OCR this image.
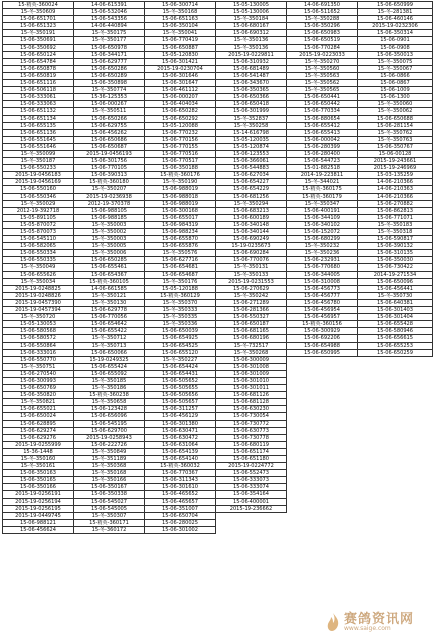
15-精英-360024	14-06-615391	15-06-300714	15-05-130005	14-06-691350	15-06-650999
15-冬-350609	15-06-532046	15-冬-350168	15-05-130006	15-06-511652	15-冬-281381
15-06-651701	15-06-543356	15-06-651163	15-冬-350184	15-冬-350288	15-06-460146
15-06-651323	14-06-440894	15-06-350104	15-06-680167	15-06-350296	2015-19-0232306
15-冬-350191	15-冬-350175	15-冬-350041	15-06-690312	15-06-650983	15-06-350314
15-06-350691	15-冬-350177	15-06-770419	15-冬-350136	15-06-650519	15-06-0901
15-06-350692	15-06-650978	15-06-650887	15-冬-350136	15-06-770284	15-06-0908
15-06-650124	15-06-344171	15-05-120830	2015-19-0229811	2015-19-0223033	15-06-350013
15-06-654784	15-06-629777	15-06-301421	15-06-310932	15-冬-350270	15-冬-350075
15-06-650878	15-06-650286	2015-19-0230704	15-06-681489	15-冬-350560	15-冬-350067
15-06-650819	15-06-650289	15-06-301646	15-06-541487	15-冬-350563	15-06-0866
15-06-651116	15-06-350898	15-06-301647	15-06-343670	15-冬-350562	15-06-0867
15-06-506118	15-冬-350774	15-06-461112	15-06-350365	15-冬-350565	15-06-1009
15-06-333061	15-36-125353	15-06-000207	15-06-650366	15-06-650441	15-06-1300
15-06-333063	15-06-000267	15-06-404034	15-06-650418	15-06-650442	15-冬-350060
15-06-651132	15-冬-350511	15-06-650282	15-06-301999	15-06-770334	15-冬-350062
15-06-651134	15-06-650266	15-06-650292	15-冬-352837	15-06-880654	15-06-650688
15-06-655135	15-06-629755	15-05-120088	15-冬-350258	15-06-655412	15-06-281154
15-06-651136	15-06-456262	15-06-770232	15-14-616798	15-06-655413	15-冬-350762
15-06-551645	15-06-650686	15-06-770156	15-05-120035	15-06-000042	15-冬-350763
15-06-551646	15-06-650687	15-06-770155	15-05-120874	15-06-280399	15-06-350767
15-冬-350099	2015-19-0456193	15-06-770516	15-06-123553	15-06-280400	15-06-00128
15-冬-350187	15-06-301756	15-06-770517	15-06-366061	15-06-544723	2015-19-243661
15-06-550233	15-06-770105	15-06-350188	15-06-544883	15-01-882518	2015-19-246969
2015-19-0456183	15-06-390313	15-精英-360176	15-06-627034	2014-19-223811	15-03-135259
2015-19-0456169	15-精英-360180	15-冬-350190	15-06-654227	15-冬-344021	14-06-210366
15-06-550160	15-冬-350207	15-06-988019	15-06-654229	15-精英-360175	14-06-210363
15-06-550346	2015-19-0236938	15-06-988018	15-06-681256	15-精英-360179	14-06-210366
15-冬-350029	2012-19-370378	15-06-988019	15-冬-350294	15-冬-350347	15-06-270882
2012-19-392718	15-06-988105	15-06-300168	15-06-683213	15-06-400191	15-06-862813
15-05-891105	15-06-988185	15-06-655017	13-06-600189	15-06-344109	15-06-771071
15-05-870072	15-冬-350003	15-06-984319	15-06-340148	15-06-340102	15-冬-350183
15-05-870073	15-冬-350002	15-06-988234	15-06-340144	15-06-152072	15-冬-350318
15-06-545110	15-冬-350003	15-06-655870	15-06-690249	15-06-680299	15-06-590817
15-06-582065	15-冬-350005	15-06-655876	15-19-0235673	15-冬-350232	15-06-390132
15-06-550334	15-冬-350006	15-冬-350576	15-06-690284	15-冬-350236	15-06-310135
15-06-550335	15-06-650285	15-06-627716	15-06-770076	15-06-232931	15-06-350030
15-冬-350049	15-06-655461	15-06-654681	15-冬-350131	15-06-770680	15-06-730422
15-06-655626	15-06-654367	15-06-654687	15-冬-350133	15-06-344005	2014-19-271534
15-冬-350034	15-精英-360105	15-冬-350176	2015-19-0231553	15-06-310008	15-06-650096
2015-19-0248825	14-06-661585	15-05-120188	15-06-270629	15-06-456773	15-06-456441
2015-19-0248826	15-冬-350121	15-精英-360129	15-冬-350242	15-06-456777	15-冬-350730
2015-19-0457390	15-冬-350130	15-冬-350370	15-06-271289	15-06-456780	15-06-640381
2015-19-0457394	15-06-629778	15-冬-350333	15-06-281366	15-06-456954	15-06-301403
15-冬-350720	15-06-770056	15-冬-350335	15-06-550327	15-06-456957	15-06-301404
15-05-130053	15-06-654642	15-冬-350336	15-06-650187	15-精英-360156	15-06-655428
15-06-580568	15-06-655422	15-06-650039	15-06-681165	15-06-300929	15-06-580946
15-06-580572	15-冬-350712	15-06-654925	15-06-680196	15-06-692206	15-06-656615
15-06-550864	15-冬-350713	15-06-654525	15-冬-732517	15-06-654988	15-06-655253
15-06-333016	15-06-650066	15-06-655120	15-冬-350268	15-06-650995	15-06-650259
15-06-550770	15-19-0249325	15-冬-350227	15-06-300009		
15-冬-350751	15-06-655424	15-06-654424	15-06-301008		
15-06-270540	15-06-655092	15-06-654431	15-06-301009		
15-06-300993	15-冬-350185	15-06-505652	15-06-301010		
15-06-650769	15-冬-350186	15-06-505655	15-06-301011		
15-06-350820	15-精英-360238	15-06-505656	15-06-681126		
15-冬-350821	15-冬-350658	15-06-505657	15-06-681128		
15-06-655021	15-06-123428	15-06-311257	15-06-630230		
15-06-650024	15-06-656096	15-06-456129	15-06-730054		
15-06-628895	15-06-545195	15-06-301380	15-06-730772		
15-06-629274	15-06-629700	15-06-630471	15-06-630773		
15-06-629276	2015-19-0258943	15-06-630472	15-06-730778		
2015-19-0255999	15-06-222726	15-06-631064	15-06-680119		
15-36-1448	15-冬-350849	15-06-654139	15-06-651174		
15-冬-350160	15-冬-351189	15-06-654140	15-06-651180		
15-冬-350161	15-冬-350368	15-精英-360032	2015-19-0224772		
15-06-350163	15-冬-350168	15-06-770367	15-06-552473		
15-06-350165	15-冬-350166	15-06-311343	15-06-333073		
15-06-350166	15-06-350167	15-06-301610	15-06-333074		
2015-19-0256191	15-06-350338	15-06-465652	15-06-354164		
2015-19-0256194	15-06-545027	15-06-465657	15-06-400001		
2015-19-0256195	15-06-545005	15-06-351007	2015-19-236662		
2015-19-0449745	15-冬-350307	15-06-650704			
15-06-988121	15-精英-360171	15-06-280025			
15-06-456624	15-冬-360172	15-06-301002			
赛鸽资讯网
www.saige.com
